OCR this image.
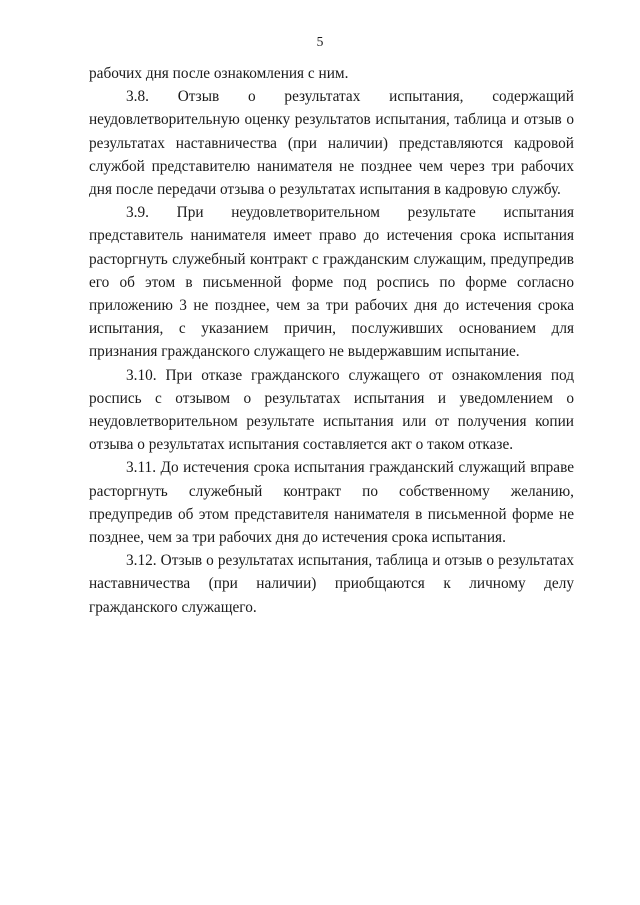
5

рабочих дня после ознакомления с ним.

3.8. Отзыв о результатах испытания, содержащий неудовлетворительную оценку результатов испытания, таблица и отзыв о результатах наставничества (при наличии) представляются кадровой службой представителю нанимателя не позднее чем через три рабочих дня после передачи отзыва о результатах испытания в кадровую службу.

3.9. При неудовлетворительном результате испытания представитель нанимателя имеет право до истечения срока испытания расторгнуть служебный контракт с гражданским служащим, предупредив его об этом в письменной форме под роспись по форме согласно приложению 3 не позднее, чем за три рабочих дня до истечения срока испытания, с указанием причин, послуживших основанием для признания гражданского служащего не выдержавшим испытание.

3.10. При отказе гражданского служащего от ознакомления под роспись с отзывом о результатах испытания и уведомлением о неудовлетворительном результате испытания или от получения копии отзыва о результатах испытания составляется акт о таком отказе.

3.11. До истечения срока испытания гражданский служащий вправе расторгнуть служебный контракт по собственному желанию, предупредив об этом представителя нанимателя в письменной форме не позднее, чем за три рабочих дня до истечения срока испытания.

3.12. Отзыв о результатах испытания, таблица и отзыв о результатах наставничества (при наличии) приобщаются к личному делу гражданского служащего.
